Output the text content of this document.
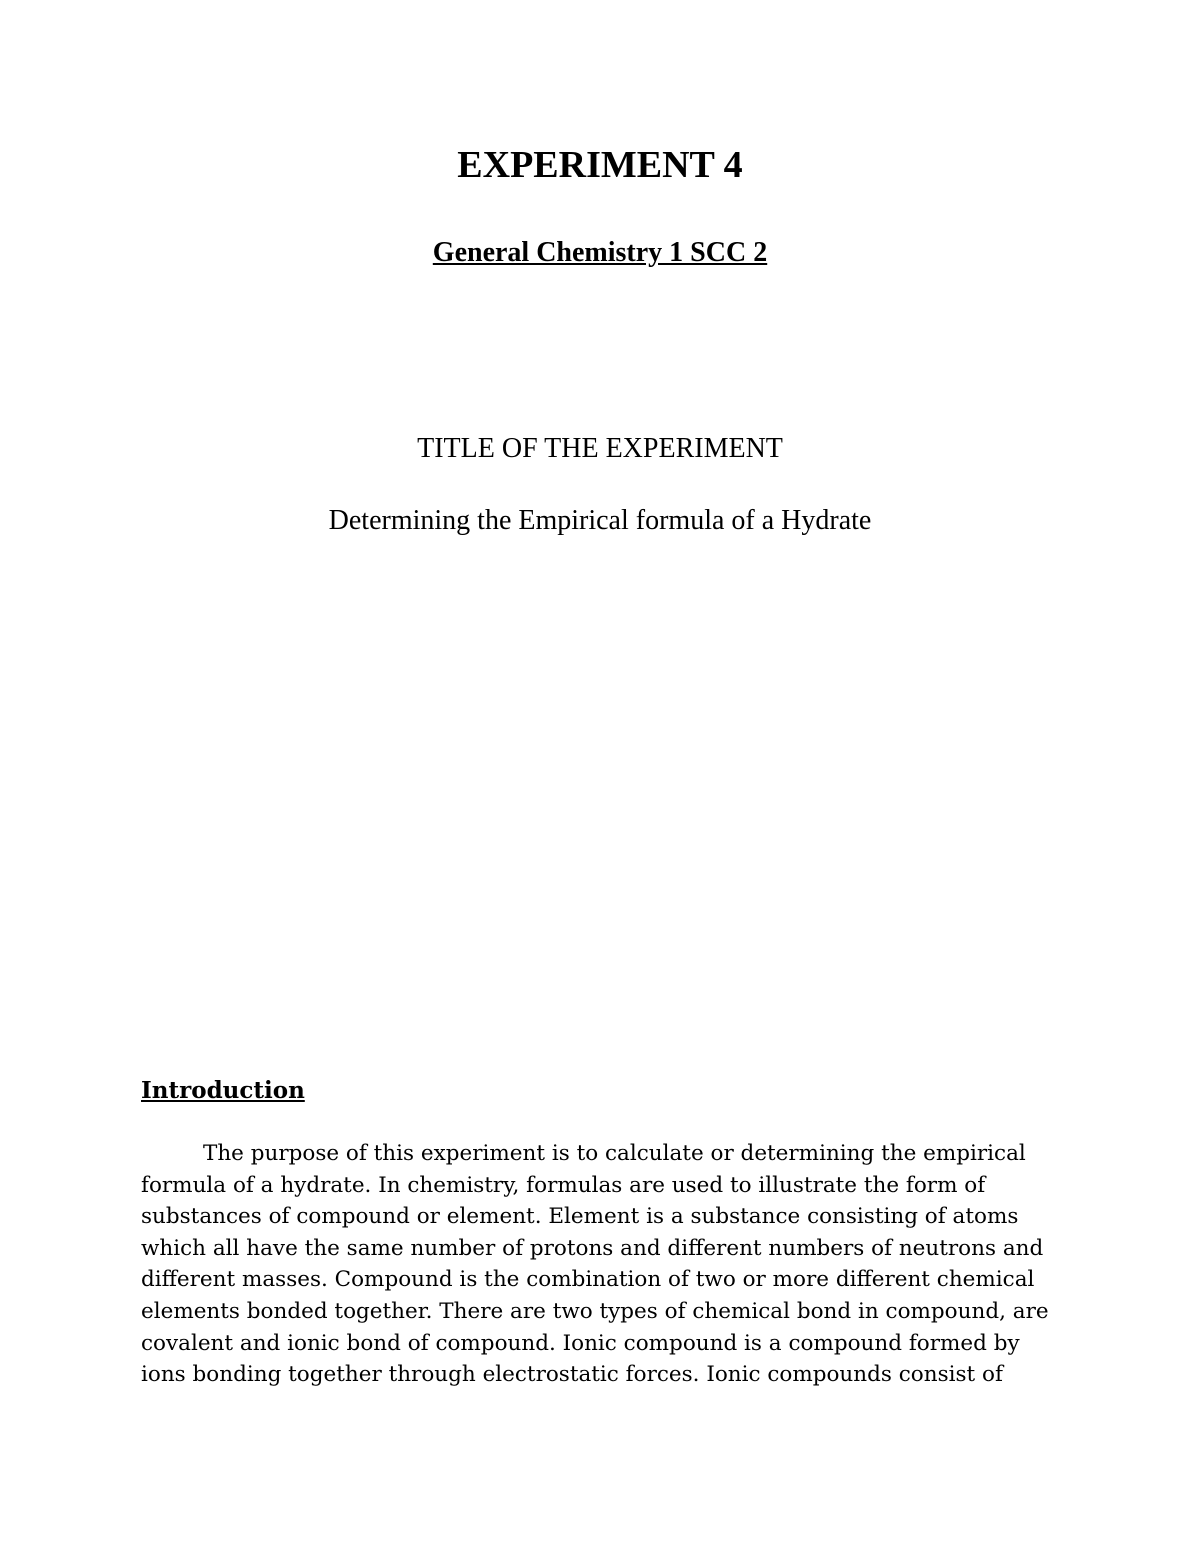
EXPERIMENT 4
General Chemistry 1 SCC 2

TITLE OF THE EXPERIMENT

Determining the Empirical formula of a Hydrate

Introduction
The purpose of this experiment is to calculate or determining the empirical
formula of a hydrate. In chemistry, formulas are used to illustrate the form of
substances of compound or element. Element is a substance consisting of atoms
which all have the same number of protons and different numbers of neutrons and
different masses. Compound is the combination of two or more different chemical
elements bonded together. There are two types of chemical bond in compound, are
covalent and ionic bond of compound. Ionic compound is a compound formed by
ions bonding together through electrostatic forces. Ionic compounds consist of
